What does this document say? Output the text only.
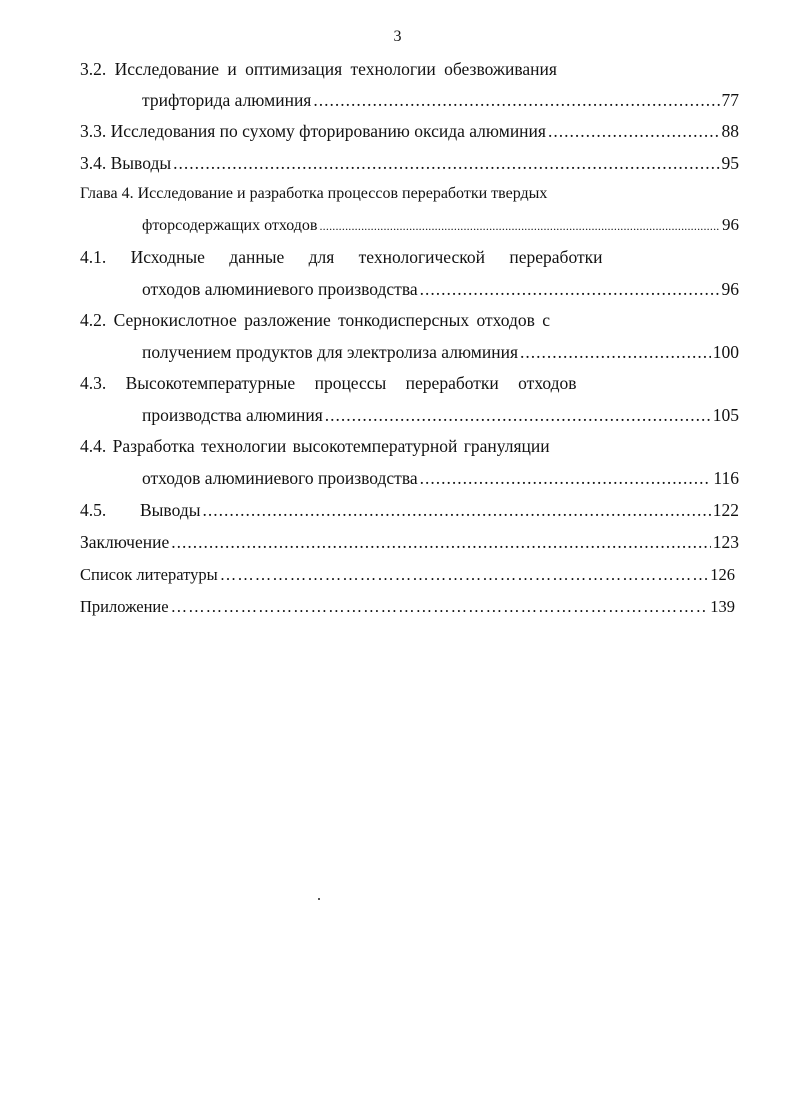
3
3.2. Исследование и оптимизация технологии обезвоживания
трифторида алюминия .....	77
3.3. Исследования по сухому фторированию оксида алюминия .....	88
3.4. Выводы .....	95
Глава 4. Исследование и разработка процессов переработки твердых
фторсодержащих отходов .....	96
4.1. Исходные данные для технологической переработки
отходов алюминиевого производства .....	96
4.2. Сернокислотное разложение тонкодисперсных отходов с
получением продуктов для электролиза алюминия .....	100
4.3. Высокотемпературные процессы переработки отходов
производства алюминия .....	105
4.4. Разработка технологии высокотемпературной грануляции
отходов алюминиевого производства .....	116
4.5.	Выводы .....	122
Заключение .....	123
Список литературы ……………………………………………………………………………………………………………………………	126
Приложение ……………………………………………………………………………………………………………………………	139
